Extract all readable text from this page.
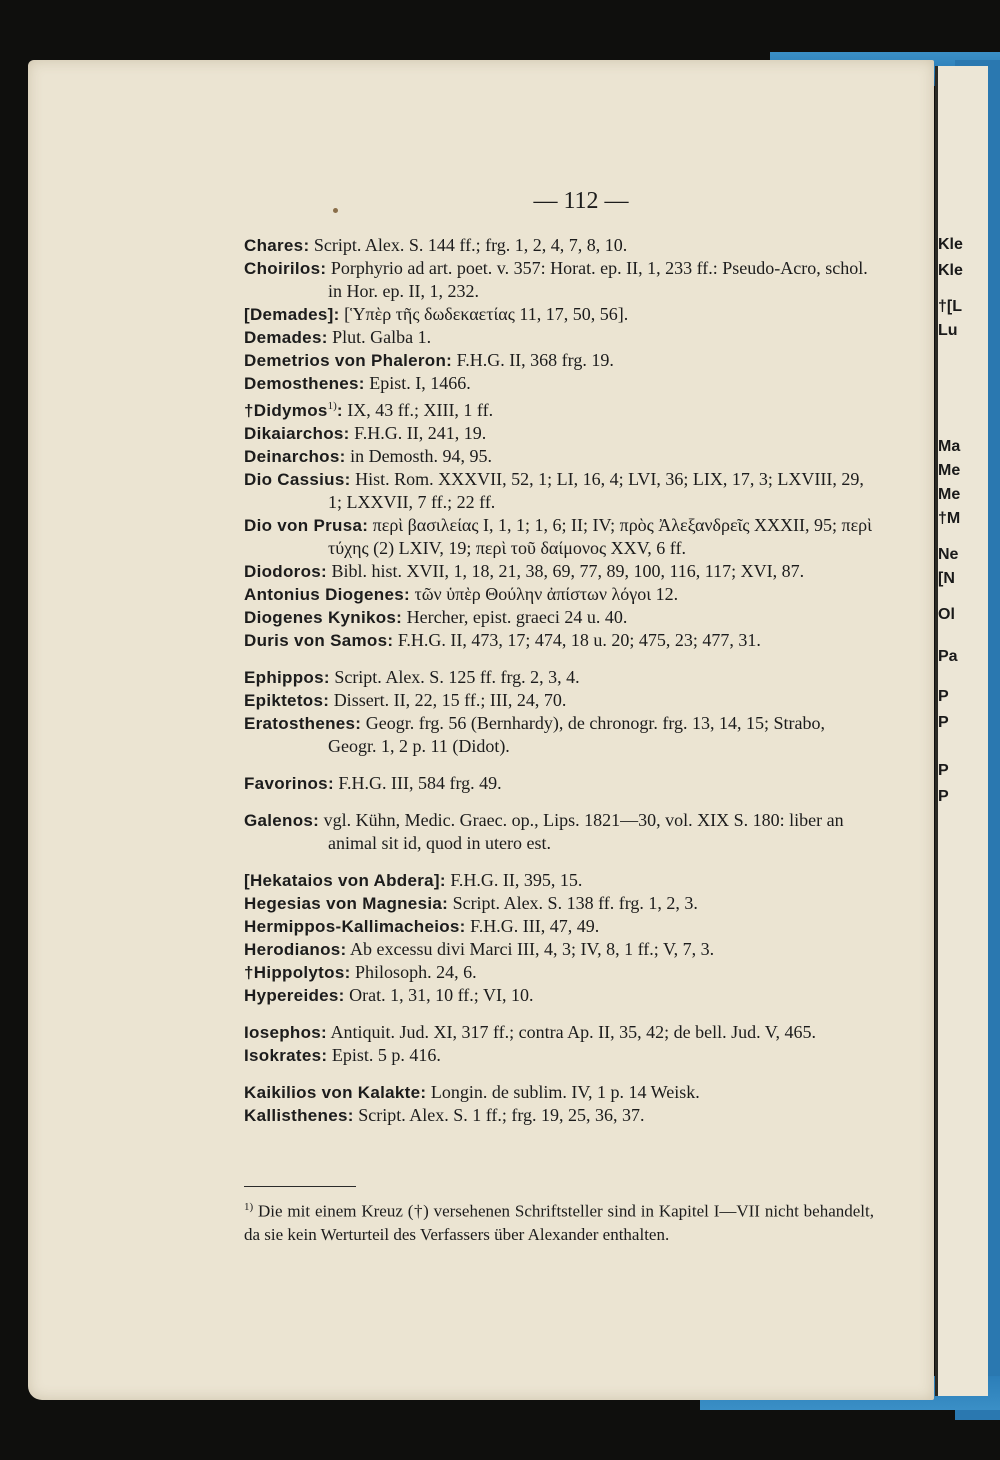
Kle
Kle
†[L
Lu
Ma
Me
Me
†M
Ne
[N
Ol
Pa
P
P
P
P
— 112 —

Chares: Script. Alex. S. 144 ff.; frg. 1, 2, 4, 7, 8, 10.

Choirilos: Porphyrio ad art. poet. v. 357: Horat. ep. II, 1, 233 ff.: Pseudo-Acro, schol. in Hor. ep. II, 1, 232.

[Demades]: [Ὑπὲρ τῆς δωδεκαετίας 11, 17, 50, 56].

Demades: Plut. Galba 1.

Demetrios von Phaleron: F.H.G. II, 368 frg. 19.

Demosthenes: Epist. I, 1466.

†Didymos$^{1)}$: IX, 43 ff.; XIII, 1 ff.

Dikaiarchos: F.H.G. II, 241, 19.

Deinarchos: in Demosth. 94, 95.

Dio Cassius: Hist. Rom. XXXVII, 52, 1; LI, 16, 4; LVI, 36; LIX, 17, 3; LXVIII, 29, 1; LXXVII, 7 ff.; 22 ff.

Dio von Prusa: περὶ βασιλείας I, 1, 1; 1, 6; II; IV; πρὸς Ἀλεξανδρεῖς XXXII, 95; περὶ τύχης (2) LXIV, 19; περὶ τοῦ δαίμονος XXV, 6 ff.

Diodoros: Bibl. hist. XVII, 1, 18, 21, 38, 69, 77, 89, 100, 116, 117; XVI, 87.

Antonius Diogenes: τῶν ὑπὲρ Θούλην ἀπίστων λόγοι 12.

Diogenes Kynikos: Hercher, epist. graeci 24 u. 40.

Duris von Samos: F.H.G. II, 473, 17; 474, 18 u. 20; 475, 23; 477, 31.

Ephippos: Script. Alex. S. 125 ff. frg. 2, 3, 4.

Epiktetos: Dissert. II, 22, 15 ff.; III, 24, 70.

Eratosthenes: Geogr. frg. 56 (Bernhardy), de chronogr. frg. 13, 14, 15; Strabo, Geogr. 1, 2 p. 11 (Didot).

Favorinos: F.H.G. III, 584 frg. 49.

Galenos: vgl. Kühn, Medic. Graec. op., Lips. 1821—30, vol. XIX S. 180: liber an animal sit id, quod in utero est.

[Hekataios von Abdera]: F.H.G. II, 395, 15.

Hegesias von Magnesia: Script. Alex. S. 138 ff. frg. 1, 2, 3.

Hermippos-Kallimacheios: F.H.G. III, 47, 49.

Herodianos: Ab excessu divi Marci III, 4, 3; IV, 8, 1 ff.; V, 7, 3.

†Hippolytos: Philosoph. 24, 6.

Hypereides: Orat. 1, 31, 10 ff.; VI, 10.

Iosephos: Antiquit. Jud. XI, 317 ff.; contra Ap. II, 35, 42; de bell. Jud. V, 465.

Isokrates: Epist. 5 p. 416.

Kaikilios von Kalakte: Longin. de sublim. IV, 1 p. 14 Weisk.

Kallisthenes: Script. Alex. S. 1 ff.; frg. 19, 25, 36, 37.

$^{1)}$ Die mit einem Kreuz (†) versehenen Schriftsteller sind in Kapitel I—VII nicht behandelt, da sie kein Werturteil des Verfassers über Alexander enthalten.
